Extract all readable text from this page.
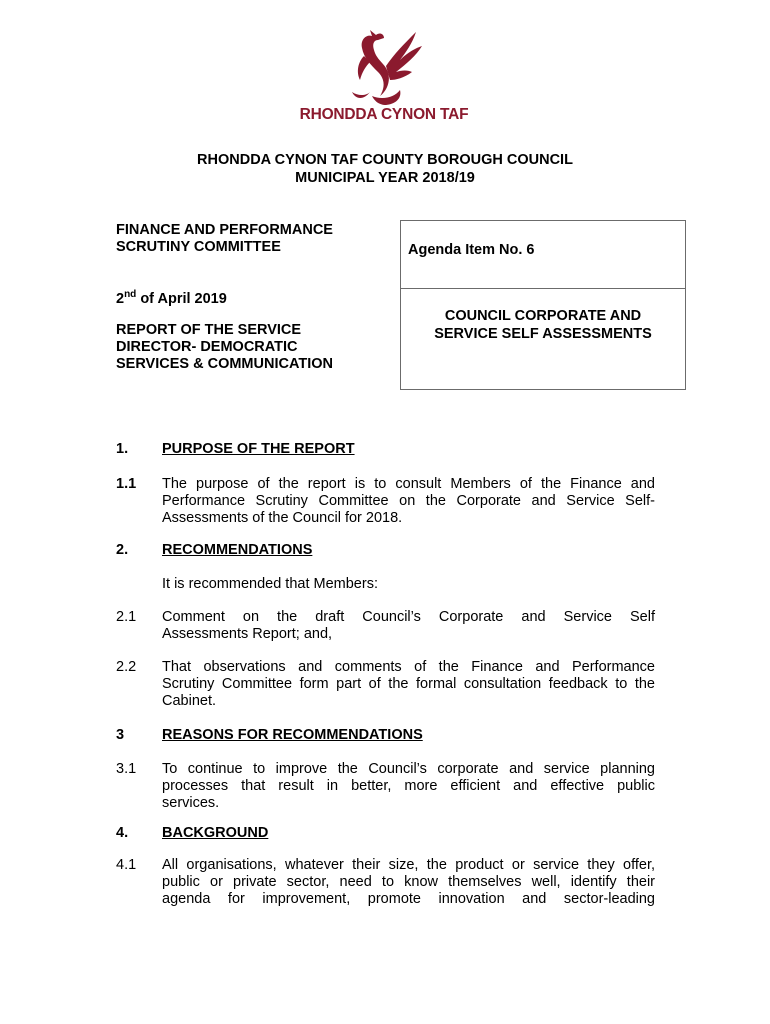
RHONDDA CYNON TAF
RHONDDA CYNON TAF COUNTY BOROUGH COUNCIL
MUNICIPAL YEAR 2018/19
FINANCE AND PERFORMANCE
SCRUTINY COMMITTEE
2nd of April 2019
REPORT OF THE SERVICE
DIRECTOR- DEMOCRATIC
SERVICES & COMMUNICATION
Agenda Item No. 6
COUNCIL CORPORATE AND
SERVICE SELF ASSESSMENTS
1. PURPOSE OF THE REPORT
1.1 The purpose of the report is to consult Members of the Finance and
Performance Scrutiny Committee on the Corporate and Service Self-
Assessments of the Council for 2018.
2. RECOMMENDATIONS
It is recommended that Members:
2.1 Comment on the draft Council’s Corporate and Service Self
Assessments Report; and,
2.2 That observations and comments of the Finance and Performance
Scrutiny Committee form part of the formal consultation feedback to the
Cabinet.
3	REASONS FOR RECOMMENDATIONS
3.1 To continue to improve the Council’s corporate and service planning
processes that result in better, more efficient and effective public
services.
4. BACKGROUND
4.1 All organisations, whatever their size, the product or service they offer,
public or private sector, need to know themselves well, identify their
agenda for improvement, promote innovation and sector-leading
